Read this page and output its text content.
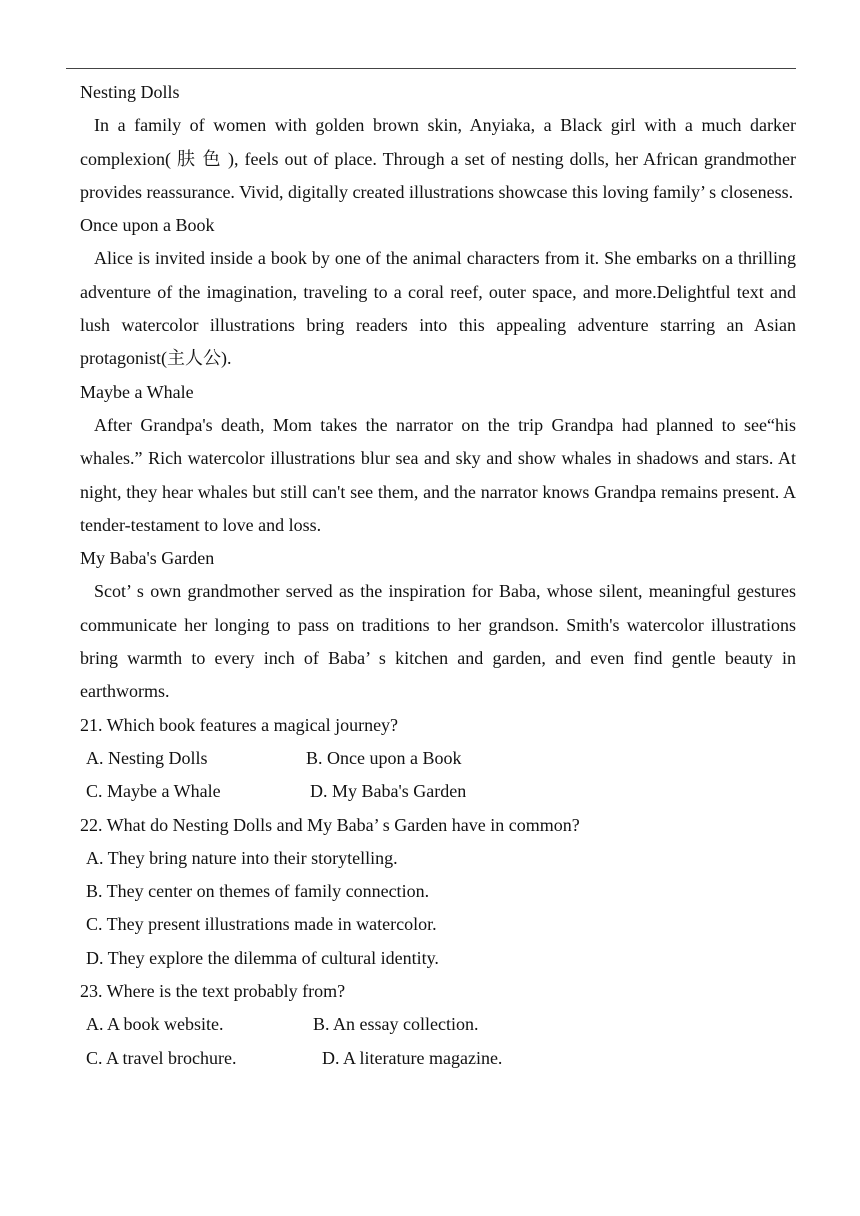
Nesting Dolls

In a family of women with golden brown skin, Anyiaka, a Black girl with a much darker complexion( 肤 色 ), feels out of place. Through a set of nesting dolls, her African grandmother provides reassurance. Vivid, digitally created illustrations showcase this loving family’ s closeness.

Once upon a Book

Alice is invited inside a book by one of the animal characters from it. She embarks on a thrilling adventure of the imagination, traveling to a coral reef, outer space, and more.Delightful text and lush watercolor illustrations bring readers into this appealing adventure starring an Asian protagonist(主人公).

Maybe a Whale

After Grandpa's death, Mom takes the narrator on the trip Grandpa had planned to see“his whales.” Rich watercolor illustrations blur sea and sky and show whales in shadows and stars. At night, they hear whales but still can't see them, and the narrator knows Grandpa remains present. A tender-testament to love and loss.

My Baba's Garden

Scot’ s own grandmother served as the inspiration for Baba, whose silent, meaningful gestures communicate her longing to pass on traditions to her grandson. Smith's watercolor illustrations bring warmth to every inch of Baba’ s kitchen and garden, and even find gentle beauty in earthworms.

21. Which book features a magical journey?

A. Nesting Dolls	B. Once upon a Book
C. Maybe a Whale	D. My Baba's Garden

22. What do Nesting Dolls and My Baba’ s Garden have in common?

A. They bring nature into their storytelling.

B. They center on themes of family connection.

C. They present illustrations made in watercolor.

D. They explore the dilemma of cultural identity.

23. Where is the text probably from?

A. A book website.	B. An essay collection.
C. A travel brochure.	D. A literature magazine.
